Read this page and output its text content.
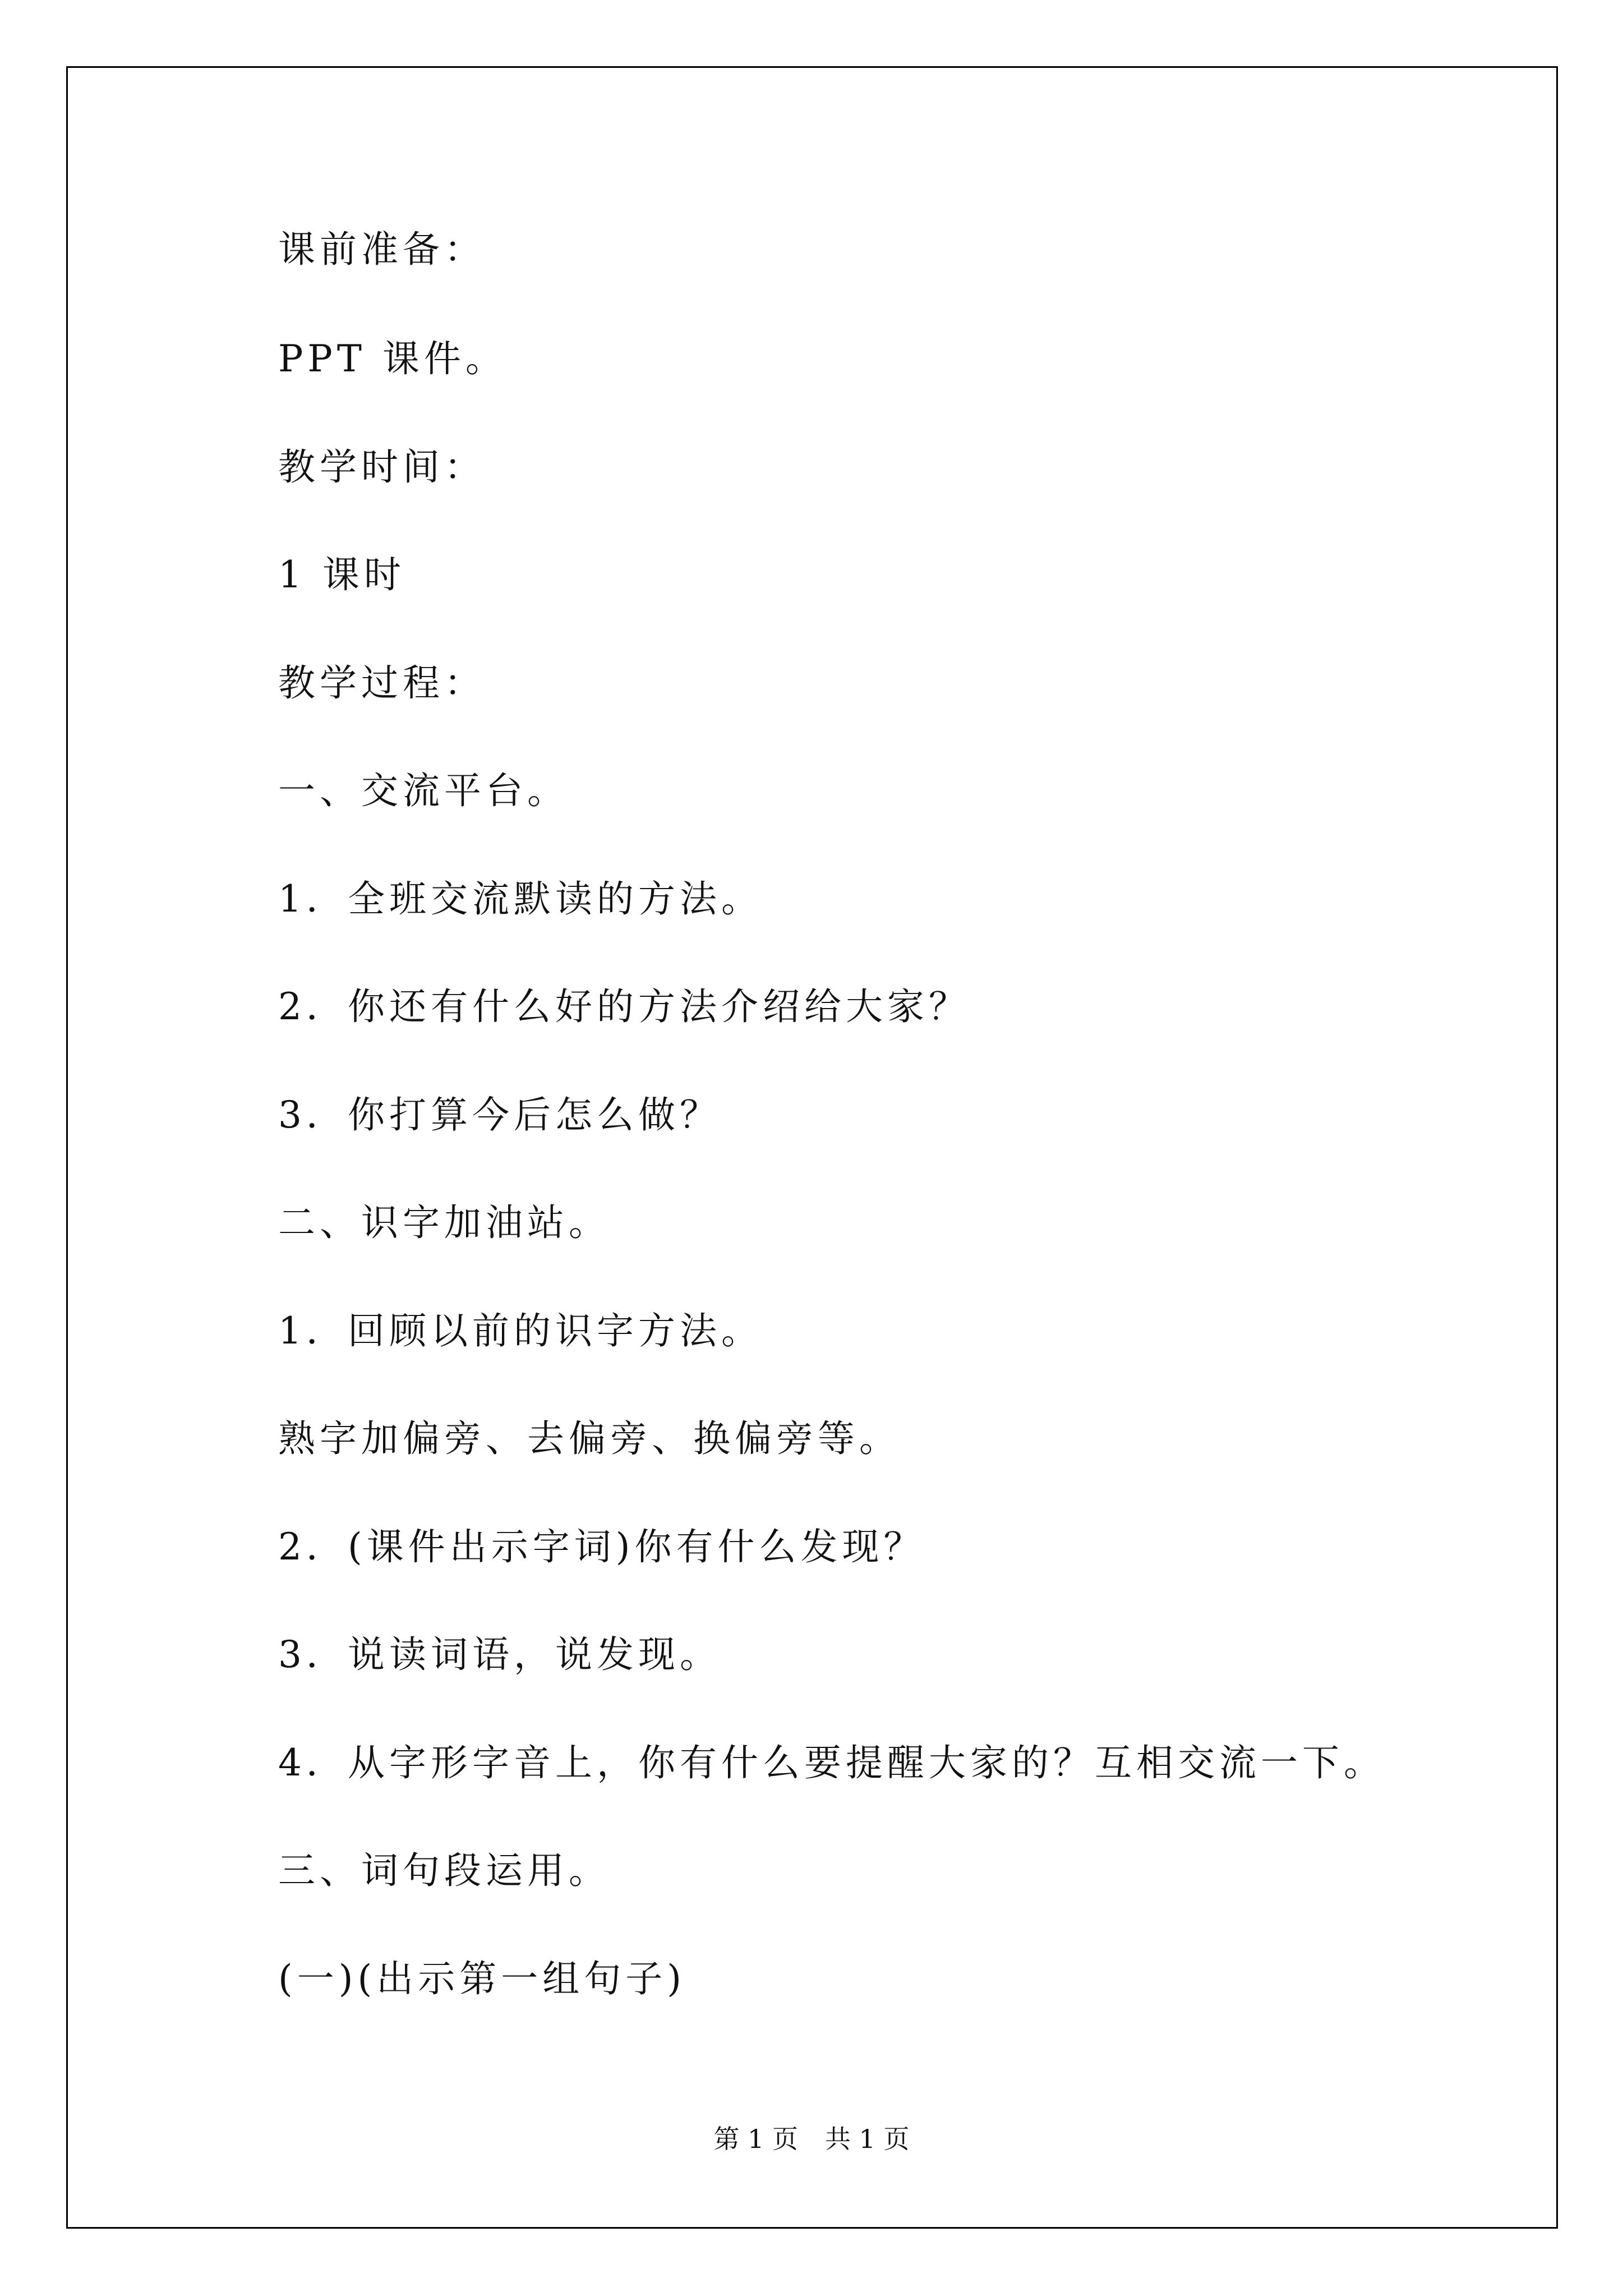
课前准备：
PPT 课件。
教学时间：
1 课时
教学过程：
一、交流平台。
1．全班交流默读的方法。
2．你还有什么好的方法介绍给大家？
3．你打算今后怎么做？
二、识字加油站。
1．回顾以前的识字方法。
熟字加偏旁、去偏旁、换偏旁等。
2．(课件出示字词)你有什么发现？
3．说读词语，说发现。
4．从字形字音上，你有什么要提醒大家的？互相交流一下。
三、词句段运用。
(一)(出示第一组句子)
第 1 页 共 1 页
